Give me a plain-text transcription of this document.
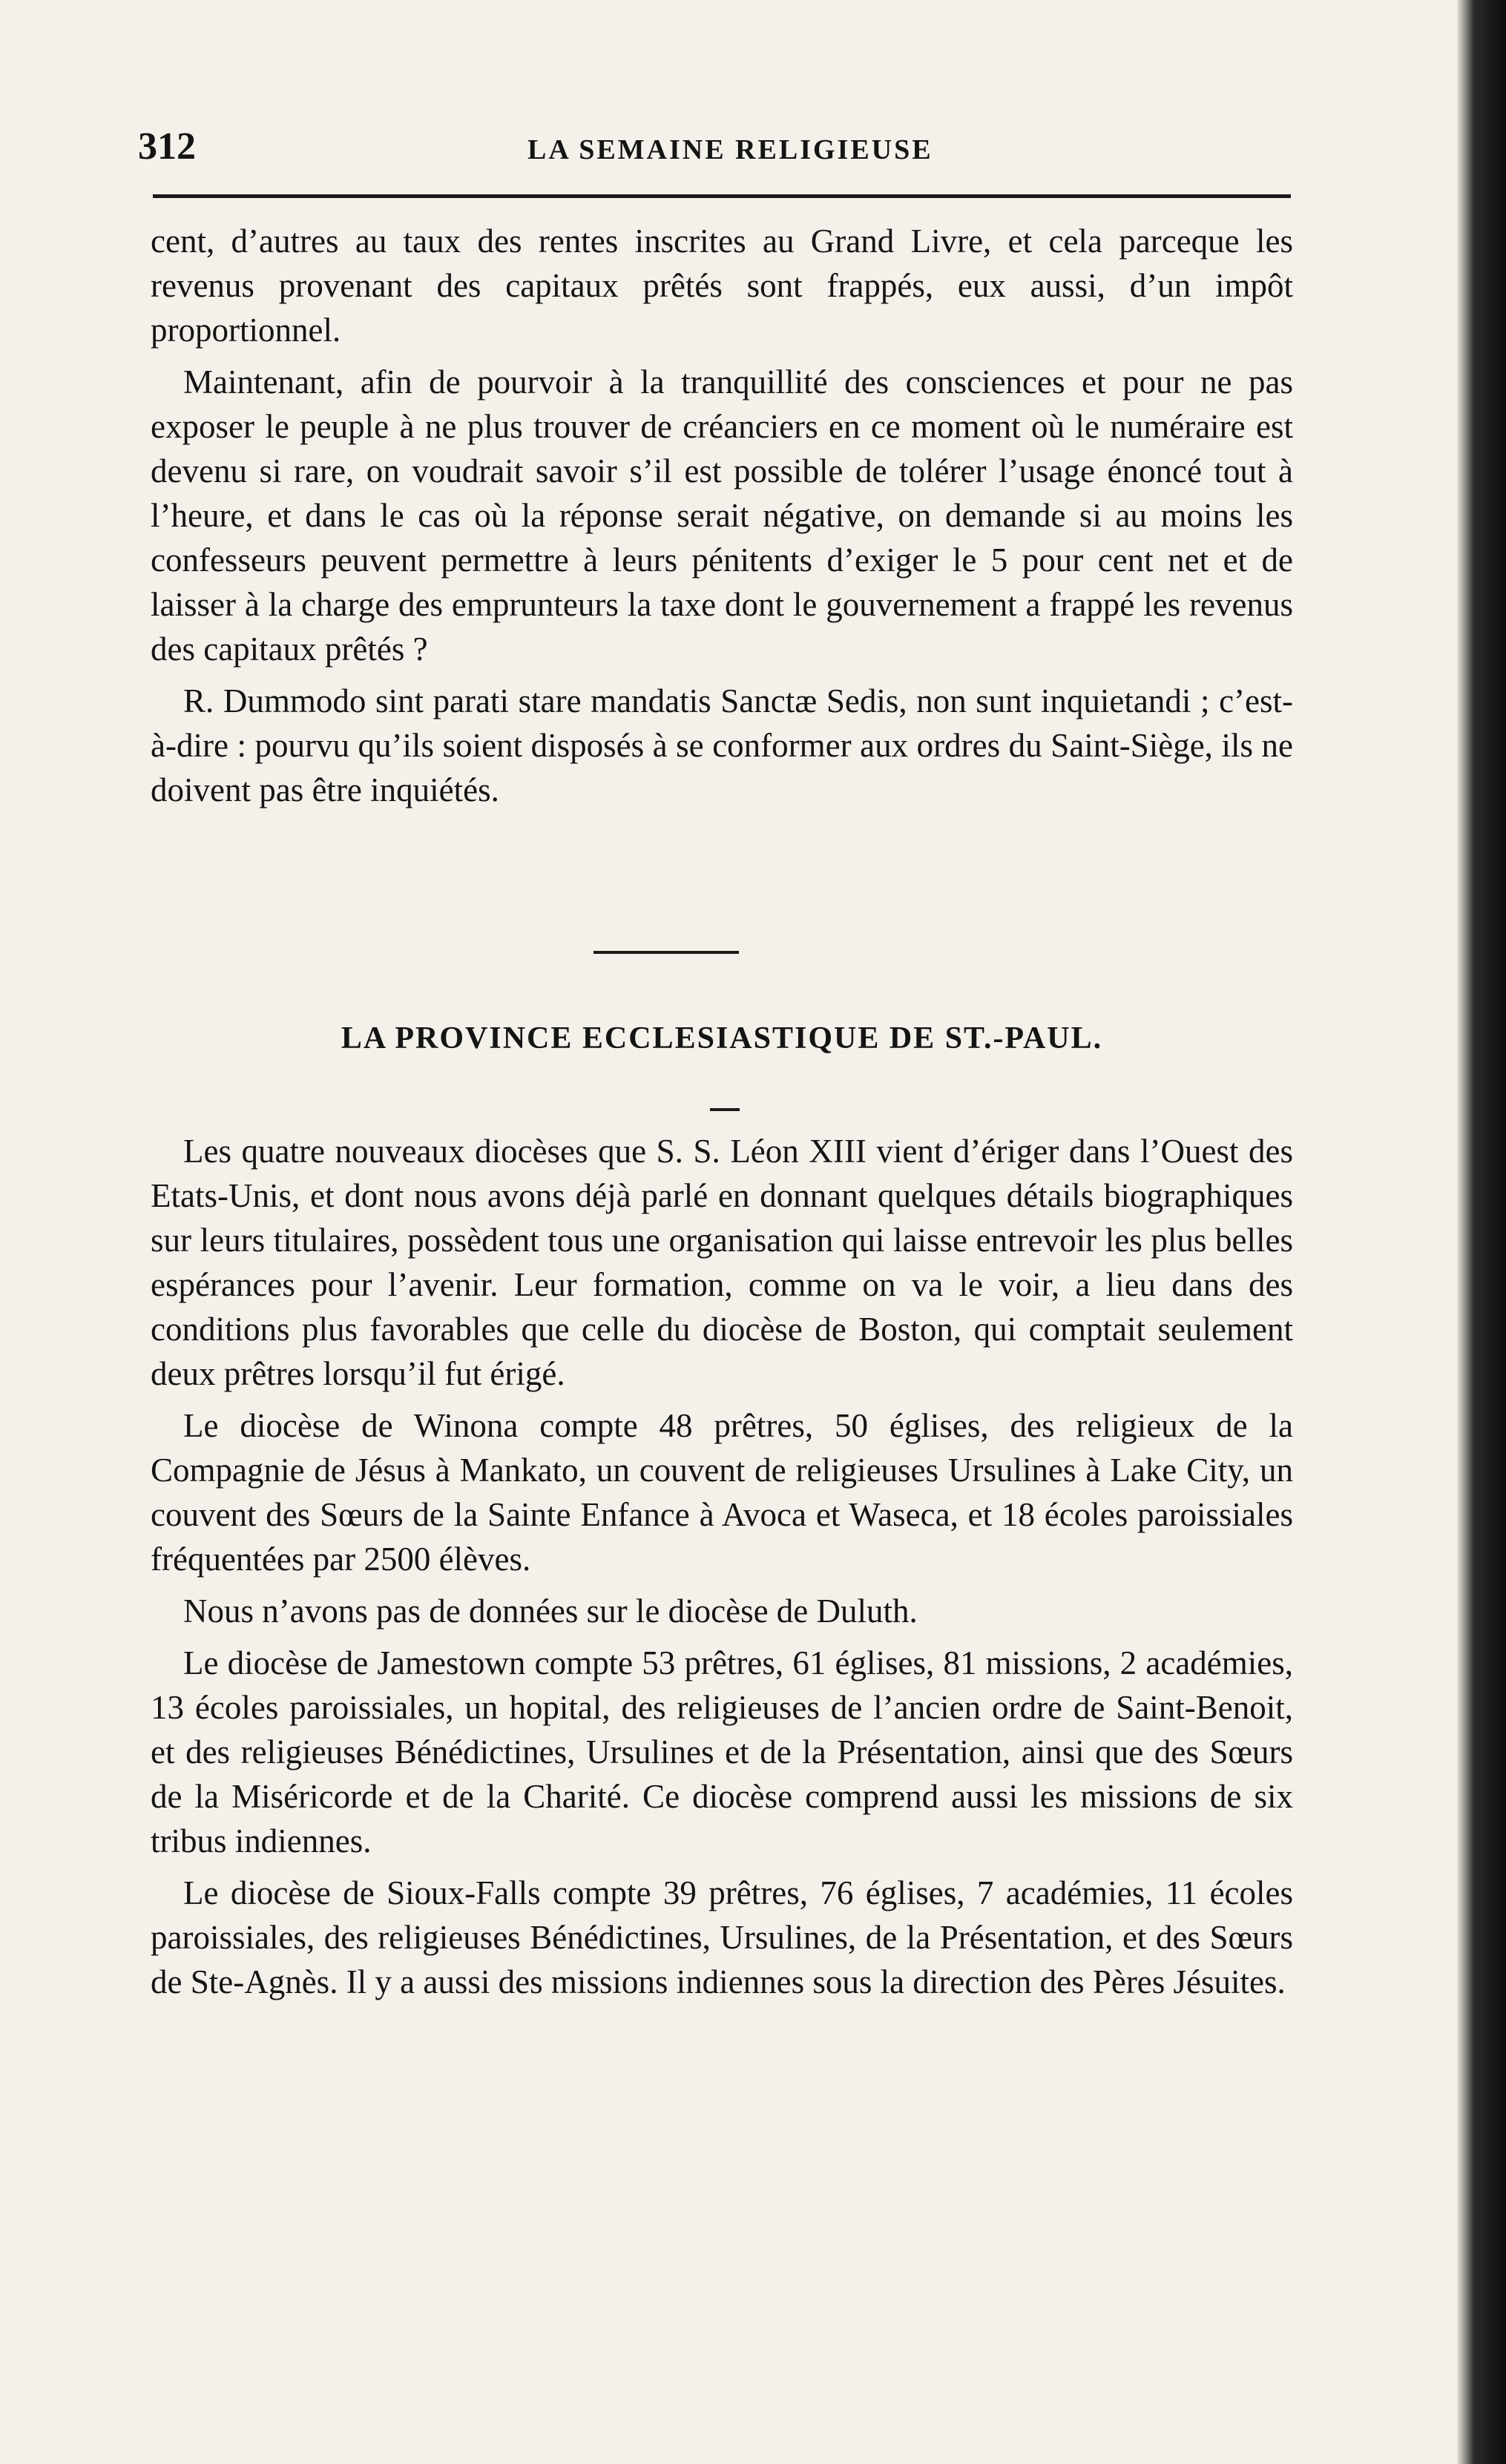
312	LA SEMAINE RELIGIEUSE

cent, d’autres au taux des rentes inscrites au Grand Livre, et cela parceque les revenus provenant des capitaux prêtés sont frappés, eux aussi, d’un impôt proportionnel.

Maintenant, afin de pourvoir à la tranquillité des consciences et pour ne pas exposer le peuple à ne plus trouver de créanciers en ce moment où le numéraire est devenu si rare, on voudrait savoir s’il est possible de tolérer l’usage énoncé tout à l’heure, et dans le cas où la réponse serait négative, on demande si au moins les confesseurs peuvent permettre à leurs pénitents d’exiger le 5 pour cent net et de laisser à la charge des emprunteurs la taxe dont le gouvernement a frappé les revenus des capitaux prêtés ?

R. Dummodo sint parati stare mandatis Sanctæ Sedis, non sunt inquietandi ; c’est-à-dire : pourvu qu’ils soient disposés à se conformer aux ordres du Saint-Siège, ils ne doivent pas être inquiétés.

LA PROVINCE ECCLESIASTIQUE DE ST.-PAUL.

Les quatre nouveaux diocèses que S. S. Léon XIII vient d’ériger dans l’Ouest des Etats-Unis, et dont nous avons déjà parlé en donnant quelques détails biographiques sur leurs titulaires, possèdent tous une organisation qui laisse entrevoir les plus belles espérances pour l’avenir. Leur formation, comme on va le voir, a lieu dans des conditions plus favorables que celle du diocèse de Boston, qui comptait seulement deux prêtres lorsqu’il fut érigé.

Le diocèse de Winona compte 48 prêtres, 50 églises, des religieux de la Compagnie de Jésus à Mankato, un couvent de religieuses Ursulines à Lake City, un couvent des Sœurs de la Sainte Enfance à Avoca et Waseca, et 18 écoles paroissiales fréquentées par 2500 élèves.

Nous n’avons pas de données sur le diocèse de Duluth.

Le diocèse de Jamestown compte 53 prêtres, 61 églises, 81 missions, 2 académies, 13 écoles paroissiales, un hopital, des religieuses de l’ancien ordre de Saint-Benoit, et des religieuses Bénédictines, Ursulines et de la Présentation, ainsi que des Sœurs de la Miséricorde et de la Charité. Ce diocèse comprend aussi les missions de six tribus indiennes.

Le diocèse de Sioux-Falls compte 39 prêtres, 76 églises, 7 académies, 11 écoles paroissiales, des religieuses Bénédictines, Ursulines, de la Présentation, et des Sœurs de Ste-Agnès. Il y a aussi des missions indiennes sous la direction des Pères Jésuites.
